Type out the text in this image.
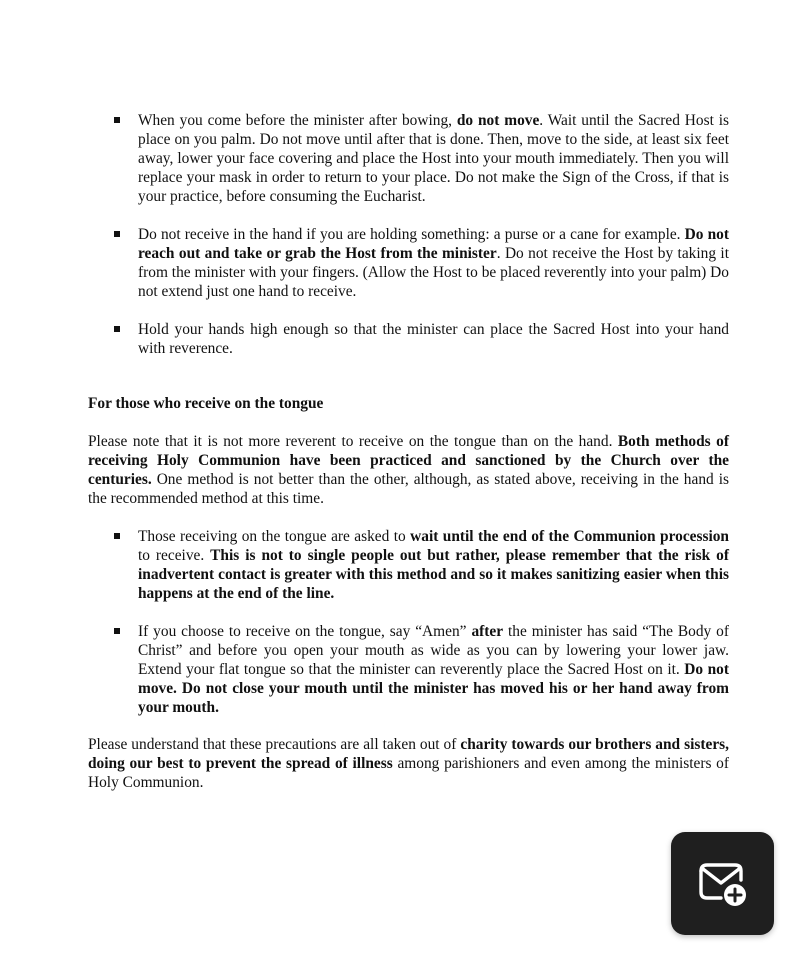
When you come before the minister after bowing, do not move. Wait until the Sacred Host is place on you palm. Do not move until after that is done. Then, move to the side, at least six feet away, lower your face covering and place the Host into your mouth immediately. Then you will replace your mask in order to return to your place. Do not make the Sign of the Cross, if that is your practice, before consuming the Eucharist.

Do not receive in the hand if you are holding something: a purse or a cane for example. Do not reach out and take or grab the Host from the minister. Do not receive the Host by taking it from the minister with your fingers. (Allow the Host to be placed reverently into your palm) Do not extend just one hand to receive.

Hold your hands high enough so that the minister can place the Sacred Host into your hand with reverence.

For those who receive on the tongue

Please note that it is not more reverent to receive on the tongue than on the hand. Both methods of receiving Holy Communion have been practiced and sanctioned by the Church over the centuries. One method is not better than the other, although, as stated above, receiving in the hand is the recommended method at this time.

Those receiving on the tongue are asked to wait until the end of the Communion procession to receive. This is not to single people out but rather, please remember that the risk of inadvertent contact is greater with this method and so it makes sanitizing easier when this happens at the end of the line.

If you choose to receive on the tongue, say “Amen” after the minister has said “The Body of Christ” and before you open your mouth as wide as you can by lowering your lower jaw. Extend your flat tongue so that the minister can reverently place the Sacred Host on it. Do not move. Do not close your mouth until the minister has moved his or her hand away from your mouth.

Please understand that these precautions are all taken out of charity towards our brothers and sisters, doing our best to prevent the spread of illness among parishioners and even among the ministers of Holy Communion.
